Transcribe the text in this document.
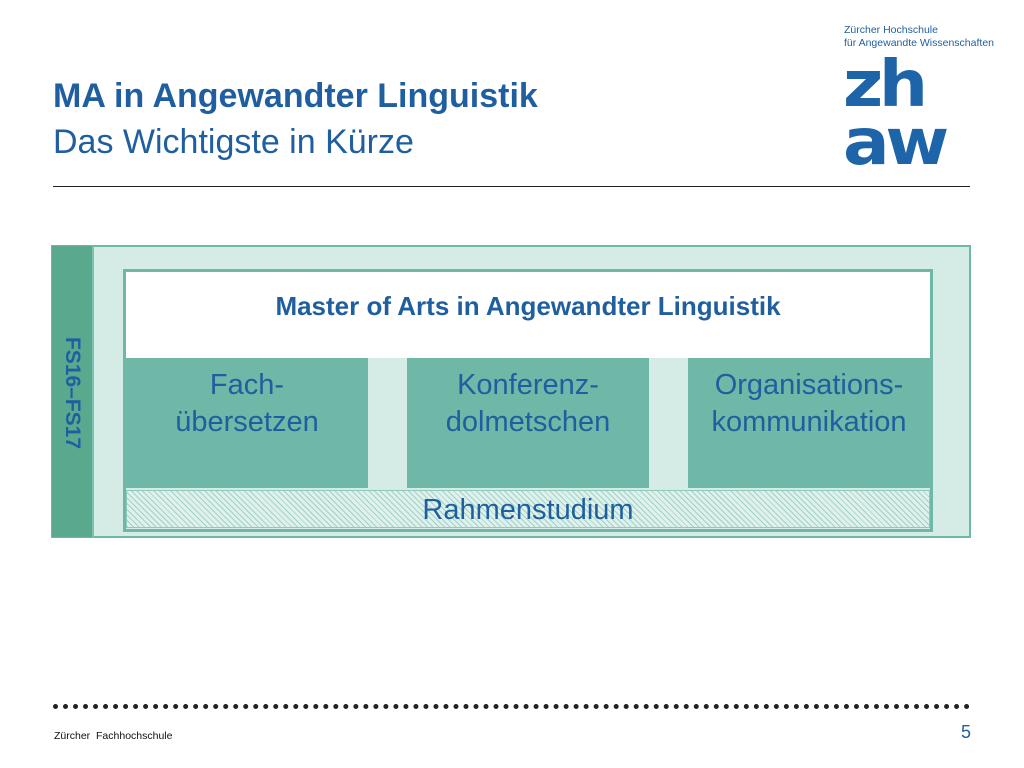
Zürcher Hochschule
für Angewandte Wissenschaften
zh
aw
MA in Angewandter Linguistik
Das Wichtigste in Kürze
FS16–FS17
Master of Arts in Angewandter Linguistik
Fach-
übersetzen
Konferenz-
dolmetschen
Organisations-
kommunikation
Rahmenstudium
Zürcher  Fachhochschule	5
